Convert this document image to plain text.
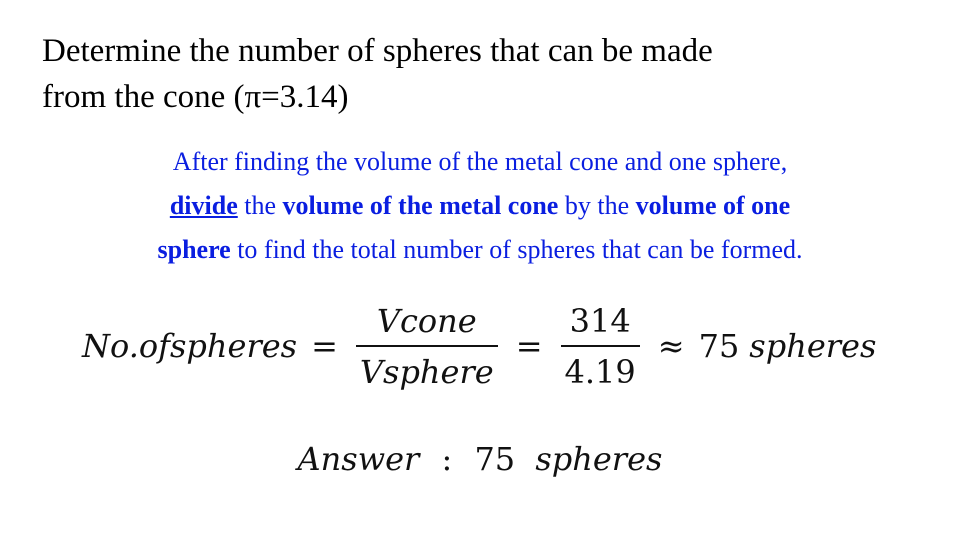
Determine the number of spheres that can be made
from the cone (π=3.14)
After finding the volume of the metal cone and one sphere,
divide the volume of the metal cone by the volume of one
sphere to find the total number of spheres that can be formed.
No.ofspheres = $\frac{\text{Vcone}}{\text{Vsphere}} = \frac{314}{4.19} \approx 75$ spheres
Answer : 75 spheres
